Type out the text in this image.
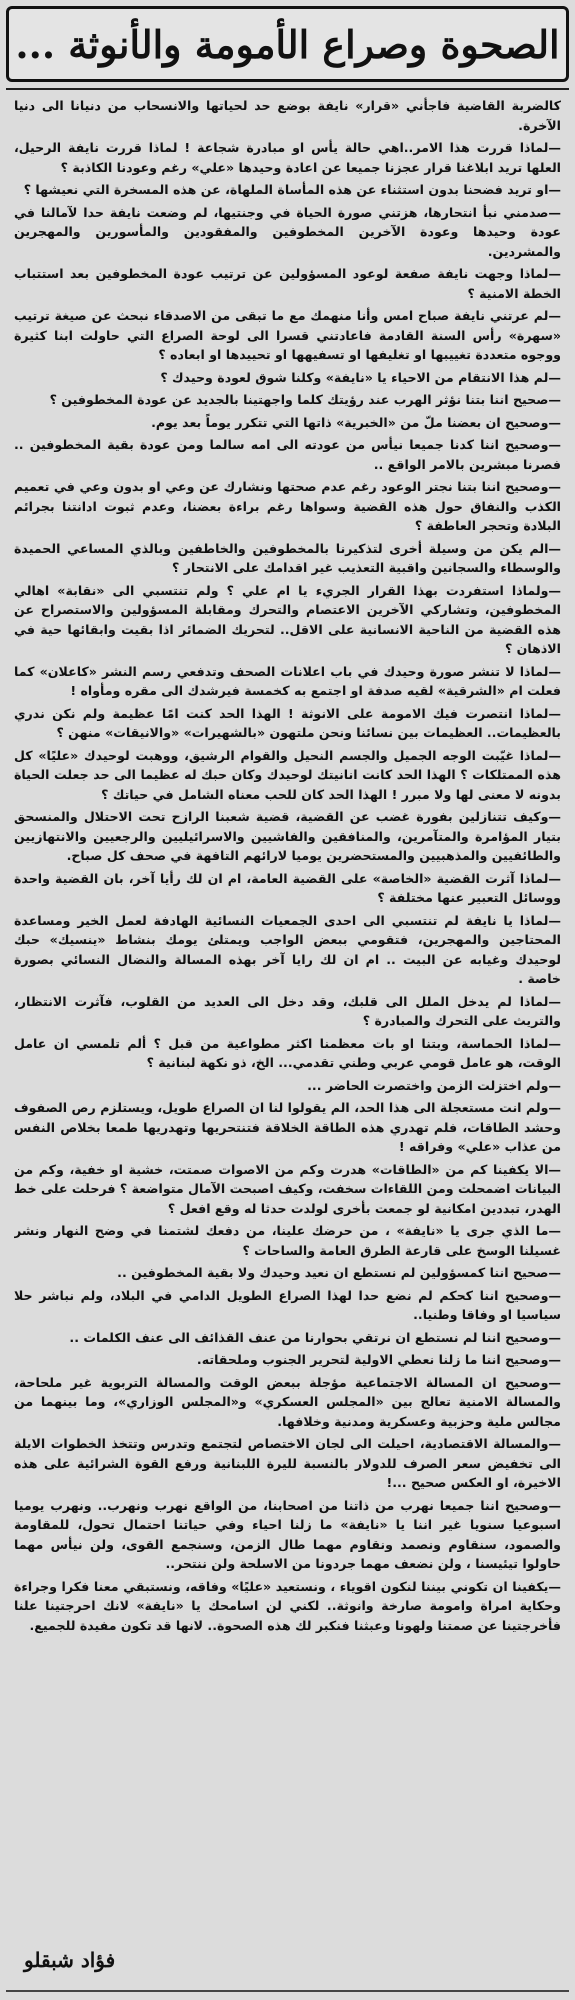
الصحوة وصراع الأمومة والأنوثة ...

كالضربة القاضية فاجأني «قرار» نايفة بوضع حد لحياتها والانسحاب من دنيانا الى دنيا الآخرة.

— لماذا قررت هذا الامر..اهي حالة يأس او مبادرة شجاعة ! لماذا قررت نايفة الرحيل، العلها تريد ابلاغنا قرار عجزنا جميعا عن اعادة وحيدها «علي» رغم وعودنا الكاذبة ؟

— او تريد فضحنا بدون استثناء عن هذه المأساة الملهاة، عن هذه المسخرة التي نعيشها ؟

— صدمني نبأ انتحارها، هزتني صورة الحياة في وجنتيها، لم وضعت نايفة حدا لآمالنا في عودة وحيدها وعودة الآخرين المخطوفين والمفقودين والمأسورين والمهجرين والمشردين.

— لماذا وجهت نايفة صفعة لوعود المسؤولين عن ترتيب عودة المخطوفين بعد استتباب الخطة الامنية ؟

— لم عرتني نايفة صباح امس وأنا منهمك مع ما تبقى من الاصدقاء نبحث عن صيغة ترتيب «سهرة» رأس السنة القادمة فاعادتني قسرا الى لوحة الصراع التي حاولت ابنا كثيرة ووجوه متعددة تغييبها او تغليفها او تسفيهها او تحييدها او ابعاده ؟

— لم هذا الانتقام من الاحياء يا «نايفة» وكلنا شوق لعودة وحيدك ؟

— صحيح اننا بتنا نؤثر الهرب عند رؤيتك كلما واجهتينا بالجديد عن عودة المخطوفين ؟

— وصحيح ان بعضنا ملّ من «الخبرية» ذاتها التي تتكرر يوماً بعد يوم.

— وصحيح اننا كدنا جميعا نيأس من عودته الى امه سالما ومن عودة بقية المخطوفين .. فصرنا مبشرين بالامر الواقع ..

— وصحيح اننا بتنا نجتر الوعود رغم عدم صحتها ونشارك عن وعي او بدون وعي في تعميم الكذب والنفاق حول هذه القضية وسواها رغم براءة بعضنا، وعدم ثبوت ادانتنا بجرائم البلادة وتحجر العاطفة ؟

— الم يكن من وسيلة أخرى لتذكيرنا بالمخطوفين والخاطفين وبالذي المساعي الحميدة والوسطاء والسجانين واقبية التعذيب غير اقدامك على الانتحار ؟

— ولماذا استفردت بهذا القرار الجريء يا ام علي ؟ ولم تنتسبي الى «نقابة» اهالي المخطوفين، وتشاركي الآخرين الاعتصام والتحرك ومقابلة المسؤولين والاستصراح عن هذه القضية من الناحية الانسانية على الاقل.. لتحريك الضمائر اذا بقيت وابقائها حية في الاذهان ؟

— لماذا لا تنشر صورة وحيدك في باب اعلانات الصحف وتدفعي رسم النشر «كاعلان» كما فعلت ام «الشرقية» لقيه صدفة او اجتمع به كخمسة فيرشدك الى مقره ومأواه !

— لماذا انتصرت فيك الامومة على الانوثة ! الهذا الحد كنت امًا عظيمة ولم نكن ندري بالعظيمات.. العظيمات بين نسائنا ونحن ملتهون «بالشهيرات» «والانيقات» منهن ؟

— لماذا غيّبت الوجه الجميل والجسم النحيل والقوام الرشيق، ووهبت لوحيدك «عليًا» كل هذه الممتلكات ؟ الهذا الحد كانت انانيتك لوحيدك وكان حبك له عظيما الى حد جعلت الحياة بدونه لا معنى لها ولا مبرر ! الهذا الحد كان للحب معناه الشامل في حياتك ؟

— وكيف تتنازلين بفورة غضب عن القضية، قضية شعبنا الرازح تحت الاحتلال والمنسحق بتيار المؤامرة والمتآمرين، والمنافقين والفاشيين والاسرائيليين والرجعيين والانتهازيين والطائفيين والمذهبيين والمستحضرين يوميا لارائهم التافهة في صحف كل صباح.

— لماذا آثرت القضية «الخاصة» على القضية العامة، ام ان لك رأيا آخر، بان القضية واحدة ووسائل التعبير عنها مختلفة ؟

— لماذا يا نايفة لم تنتسبي الى احدى الجمعيات النسائية الهادفة لعمل الخير ومساعدة المحتاجين والمهجرين، فتقومي ببعض الواجب ويمتلئ يومك بنشاط «ينسيك» حبك لوحيدك وغيابه عن البيت .. ام ان لك رايا آخر بهذه المسالة والنضال النسائي بصورة خاصة .

— لماذا لم يدخل الملل الى قلبك، وقد دخل الى العديد من القلوب، فآثرت الانتظار، والتريث على التحرك والمبادرة ؟

— لماذا الحماسة، وبتنا او بات معظمنا اكثر مطواعية من قبل ؟ ألم تلمسي ان عامل الوقت، هو عامل قومي عربي وطني تقدمي... الخ، ذو نكهة لبنانية ؟

— ولم اختزلت الزمن واختصرت الحاضر ...

— ولم انت مستعجلة الى هذا الحد، الم يقولوا لنا ان الصراع طويل، ويستلزم رص الصفوف وحشد الطاقات، فلم تهدري هذه الطاقة الخلاقة فتنتحريها وتهدريها طمعا بخلاص النفس من عذاب «علي» وفراقه !

— الا يكفينا كم من «الطاقات» هدرت وكم من الاصوات صمتت، خشية او خفية، وكم من البيانات اضمحلت ومن اللقاءات سخفت، وكيف اصبحت الآمال متواضعة ؟ فرحلت على خط الهدر، تبددين امكانية لو جمعت بأخرى لولدت حدثا له وقع افعل ؟

— ما الذي جرى يا «نايفة» ، من حرضك علينا، من دفعك لشتمنا في وضح النهار ونشر غسيلنا الوسخ على قارعة الطرق العامة والساحات ؟

— صحيح اننا كمسؤولين لم نستطع ان نعيد وحيدك ولا بقية المخطوفين ..

— وصحيح اننا كحكم لم نضع حدا لهذا الصراع الطويل الدامي في البلاد، ولم نباشر حلا سياسيا او وفاقا وطنيا..

— وصحيح اننا لم نستطع ان نرتقي بحوارنا من عنف القذائف الى عنف الكلمات ..

— وصحيح اننا ما زلنا نعطي الاولية لتحرير الجنوب وملحقاته.

— وصحيح ان المسالة الاجتماعية مؤجلة ببعض الوقت والمسالة التربوية غير ملحاحة، والمسالة الامنية تعالج بين «المجلس العسكري» و«المجلس الوزاري»، وما بينهما من مجالس ملية وحزبية وعسكرية ومدنية وخلافها.

— والمسالة الاقتصادية، احيلت الى لجان الاختصاص لتجتمع وتدرس وتتخذ الخطوات الايلة الى تخفيض سعر الصرف للدولار بالنسبة لليرة اللبنانية ورفع القوة الشرائية على هذه الاخيرة، او العكس صحيح ...!

— وصحيح اننا جميعا نهرب من ذاتنا من اصحابنا، من الواقع نهرب ونهرب.. ونهرب يوميا اسبوعيا سنويا غير اننا يا «نايفة» ما زلنا احياء وفي حياتنا احتمال تحول، للمقاومة والصمود، سنقاوم ونصمد ونقاوم مهما طال الزمن، وسنجمع القوى، ولن نيأس مهما حاولوا تيئيسنا ، ولن نضعف مهما جردونا من الاسلحة ولن ننتحر..

— يكفينا ان تكوني بيننا لنكون اقوياء ، ونستعيد «عليًا» وفاقه، ونستبقي معنا فكرا وجراءة وحكاية امراة وامومة صارخة وانوثة.. لكني لن اسامحك يا «نايفة» لانك احرجتينا علنا فأخرجتينا عن صمتنا ولهونا وعبثنا فنكبر لك هذه الصحوة.. لانها قد تكون مفيدة للجميع.

فؤاد شبقلو
